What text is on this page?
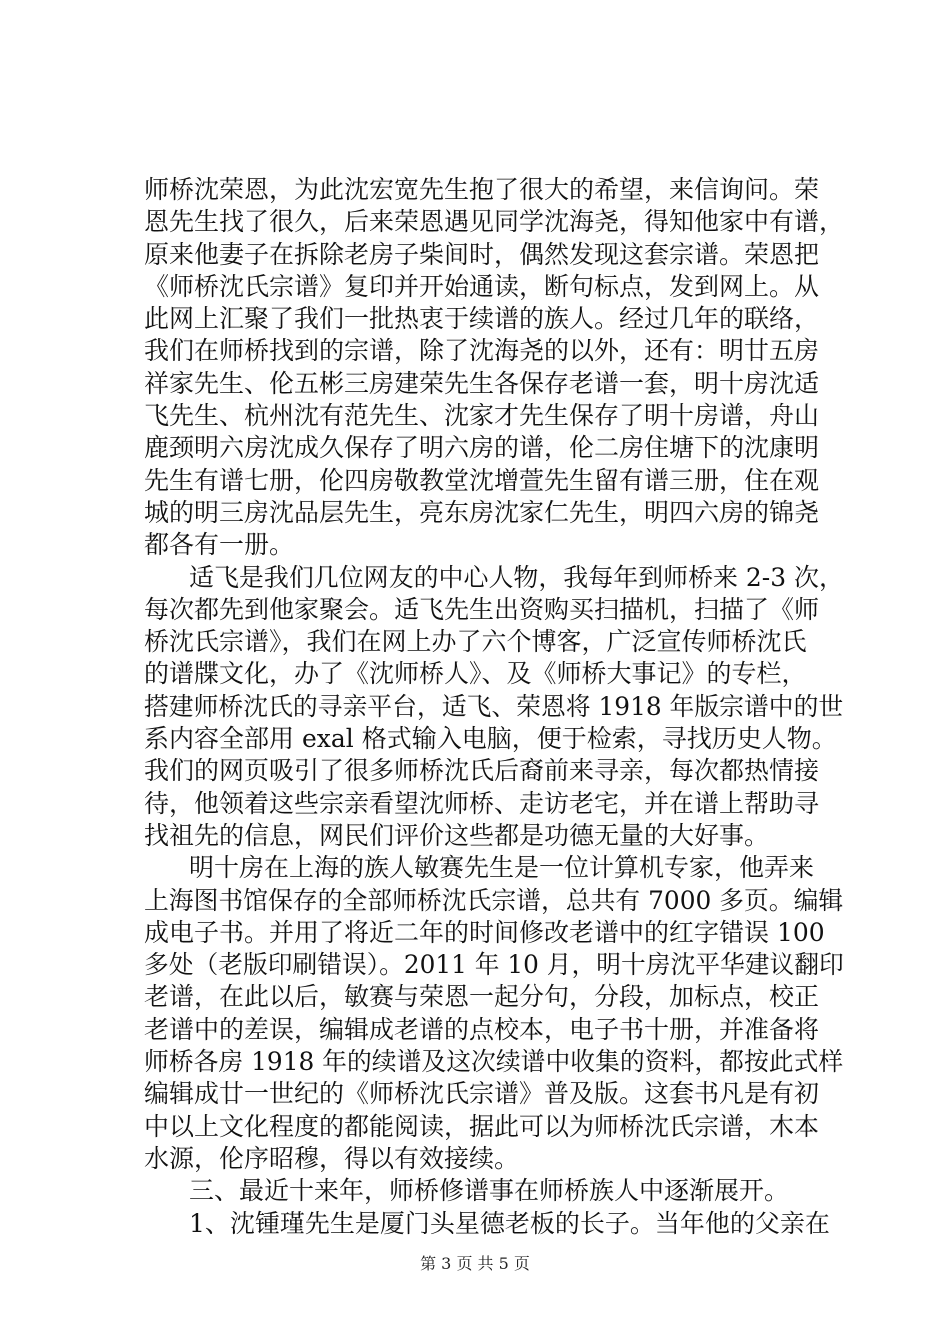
师桥沈荣恩，为此沈宏宽先生抱了很大的希望，来信询问。荣
恩先生找了很久，后来荣恩遇见同学沈海尧，得知他家中有谱，
原来他妻子在拆除老房子柴间时，偶然发现这套宗谱。荣恩把
《师桥沈氏宗谱》复印并开始通读，断句标点，发到网上。从
此网上汇聚了我们一批热衷于续谱的族人。经过几年的联络，
我们在师桥找到的宗谱，除了沈海尧的以外，还有：明廿五房
祥家先生、伦五彬三房建荣先生各保存老谱一套，明十房沈适
飞先生、杭州沈有范先生、沈家才先生保存了明十房谱，舟山
鹿颈明六房沈成久保存了明六房的谱，伦二房住塘下的沈康明
先生有谱七册，伦四房敬教堂沈增萱先生留有谱三册，住在观
城的明三房沈品层先生，亮东房沈家仁先生，明四六房的锦尧
都各有一册。
适飞是我们几位网友的中心人物，我每年到师桥来 2-3 次，
每次都先到他家聚会。适飞先生出资购买扫描机，扫描了《师
桥沈氏宗谱》，我们在网上办了六个博客，广泛宣传师桥沈氏
的谱牒文化，办了《沈师桥人》、及《师桥大事记》的专栏，
搭建师桥沈氏的寻亲平台，适飞、荣恩将 1918 年版宗谱中的世
系内容全部用 exal 格式输入电脑，便于检索，寻找历史人物。
我们的网页吸引了很多师桥沈氏后裔前来寻亲，每次都热情接
待，他领着这些宗亲看望沈师桥、走访老宅，并在谱上帮助寻
找祖先的信息，网民们评价这些都是功德无量的大好事。
明十房在上海的族人敏赛先生是一位计算机专家，他弄来
上海图书馆保存的全部师桥沈氏宗谱，总共有 7000 多页。编辑
成电子书。并用了将近二年的时间修改老谱中的红字错误 100
多处（老版印刷错误）。2011 年 10 月，明十房沈平华建议翻印
老谱，在此以后，敏赛与荣恩一起分句，分段，加标点，校正
老谱中的差误，编辑成老谱的点校本，电子书十册，并准备将
师桥各房 1918 年的续谱及这次续谱中收集的资料，都按此式样
编辑成廿一世纪的《师桥沈氏宗谱》普及版。这套书凡是有初
中以上文化程度的都能阅读，据此可以为师桥沈氏宗谱，木本
水源，伦序昭穆，得以有效接续。
三、最近十来年，师桥修谱事在师桥族人中逐渐展开。
1、沈锺瑾先生是厦门头星德老板的长子。当年他的父亲在
第 3 页 共 5 页
